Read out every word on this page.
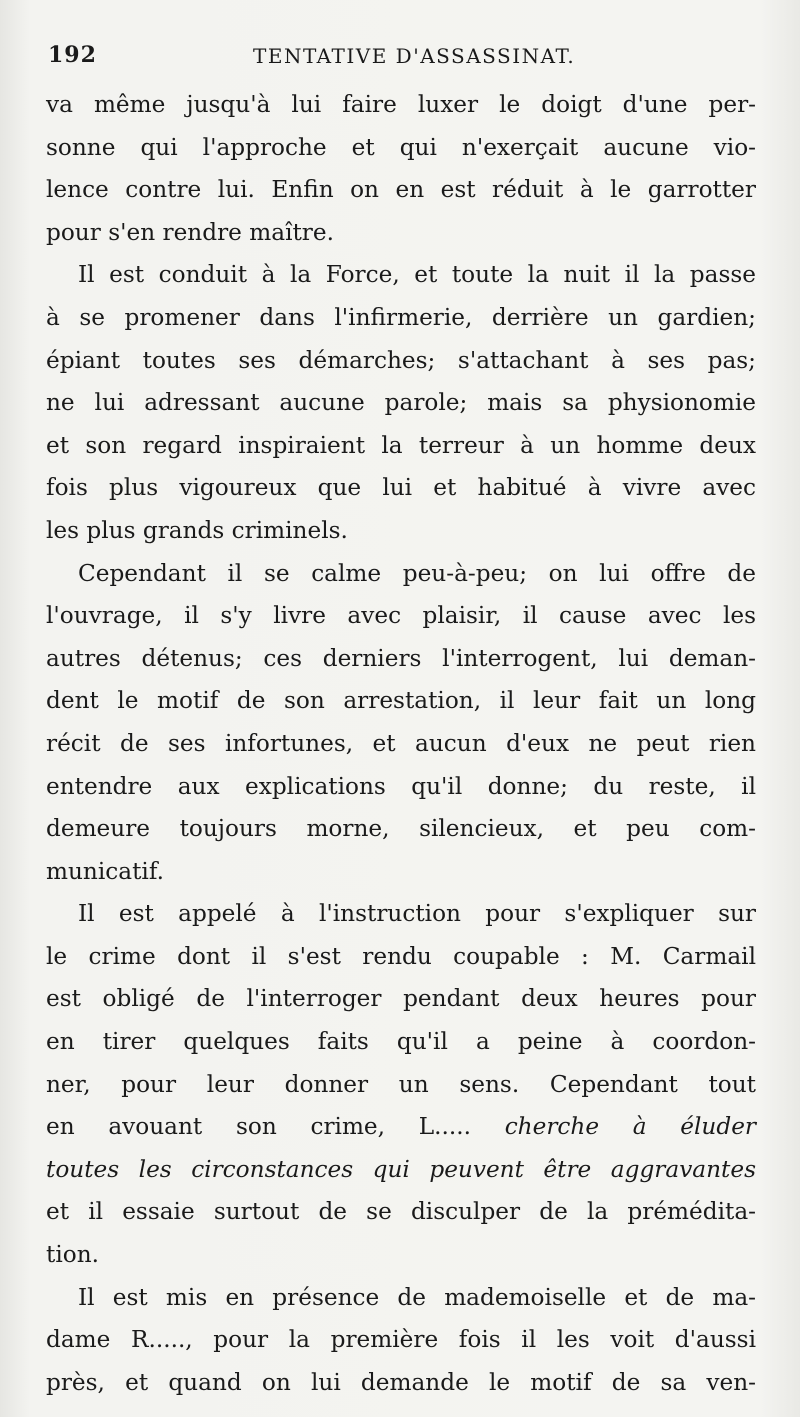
192	TENTATIVE D'ASSASSINAT.
va même jusqu'à lui faire luxer le doigt d'une per-
sonne qui l'approche et qui n'exerçait aucune vio-
lence contre lui. Enfin on en est réduit à le garrotter
pour s'en rendre maître.
Il est conduit à la Force, et toute la nuit il la passe
à se promener dans l'infirmerie, derrière un gardien;
épiant toutes ses démarches; s'attachant à ses pas;
ne lui adressant aucune parole; mais sa physionomie
et son regard inspiraient la terreur à un homme deux
fois plus vigoureux que lui et habitué à vivre avec
les plus grands criminels.
Cependant il se calme peu-à-peu; on lui offre de
l'ouvrage, il s'y livre avec plaisir, il cause avec les
autres détenus; ces derniers l'interrogent, lui deman-
dent le motif de son arrestation, il leur fait un long
récit de ses infortunes, et aucun d'eux ne peut rien
entendre aux explications qu'il donne; du reste, il
demeure toujours morne, silencieux, et peu com-
municatif.
Il est appelé à l'instruction pour s'expliquer sur
le crime dont il s'est rendu coupable : M. Carmail
est obligé de l'interroger pendant deux heures pour
en tirer quelques faits qu'il a peine à coordon-
ner, pour leur donner un sens. Cependant tout
en avouant son crime, L..... cherche à éluder
toutes les circonstances qui peuvent être aggravantes
et il essaie surtout de se disculper de la prémédita-
tion.
Il est mis en présence de mademoiselle et de ma-
dame R....., pour la première fois il les voit d'aussi
près, et quand on lui demande le motif de sa ven-
